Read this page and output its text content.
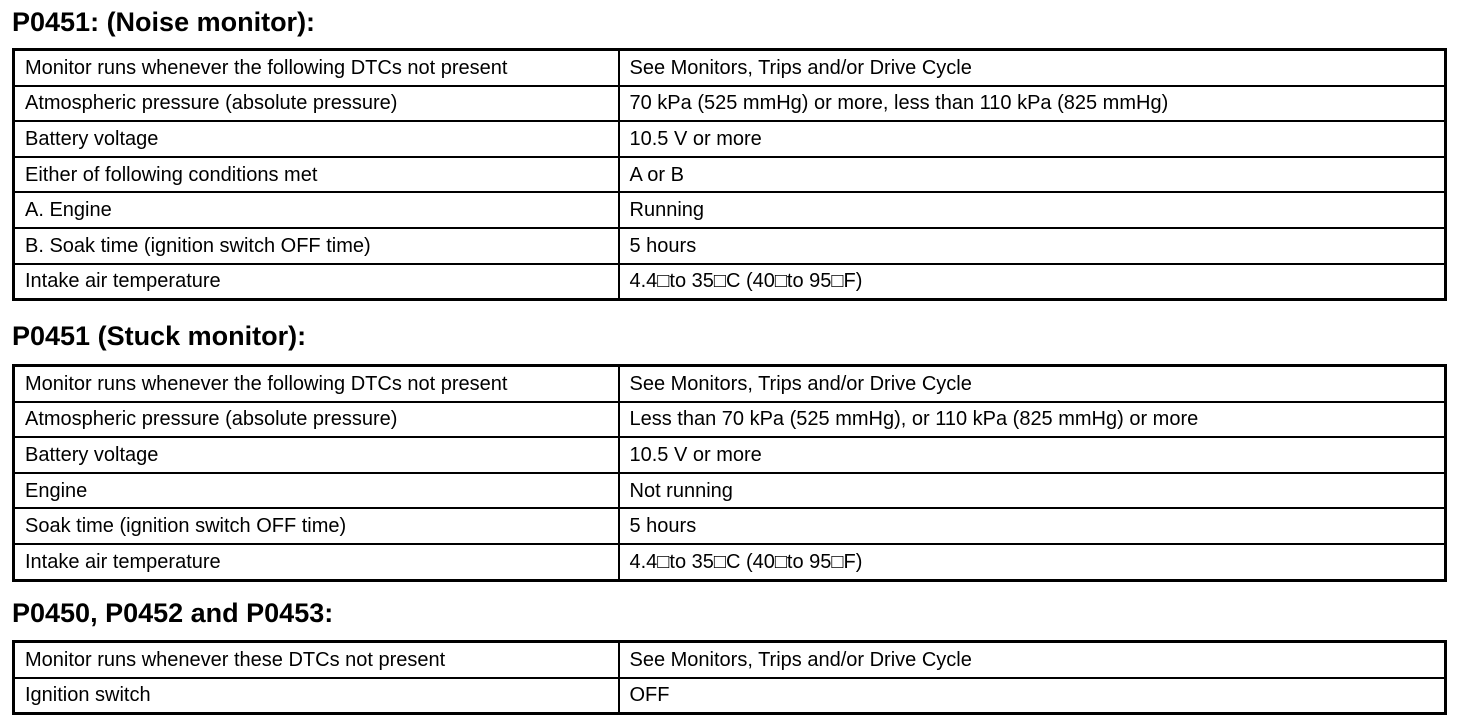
P0451: (Noise monitor):
Monitor runs whenever the following DTCs not present	See Monitors, Trips and/or Drive Cycle
Atmospheric pressure (absolute pressure)	70 kPa (525 mmHg) or more, less than 110 kPa (825 mmHg)
Battery voltage	10.5 V or more
Either of following conditions met	A or B
A. Engine	Running
B. Soak time (ignition switch OFF time)	5 hours
Intake air temperature	4.4□to 35□C (40□to 95□F)
P0451 (Stuck monitor):
Monitor runs whenever the following DTCs not present	See Monitors, Trips and/or Drive Cycle
Atmospheric pressure (absolute pressure)	Less than 70 kPa (525 mmHg), or 110 kPa (825 mmHg) or more
Battery voltage	10.5 V or more
Engine	Not running
Soak time (ignition switch OFF time)	5 hours
Intake air temperature	4.4□to 35□C (40□to 95□F)
P0450, P0452 and P0453:
Monitor runs whenever these DTCs not present	See Monitors, Trips and/or Drive Cycle
Ignition switch	OFF
